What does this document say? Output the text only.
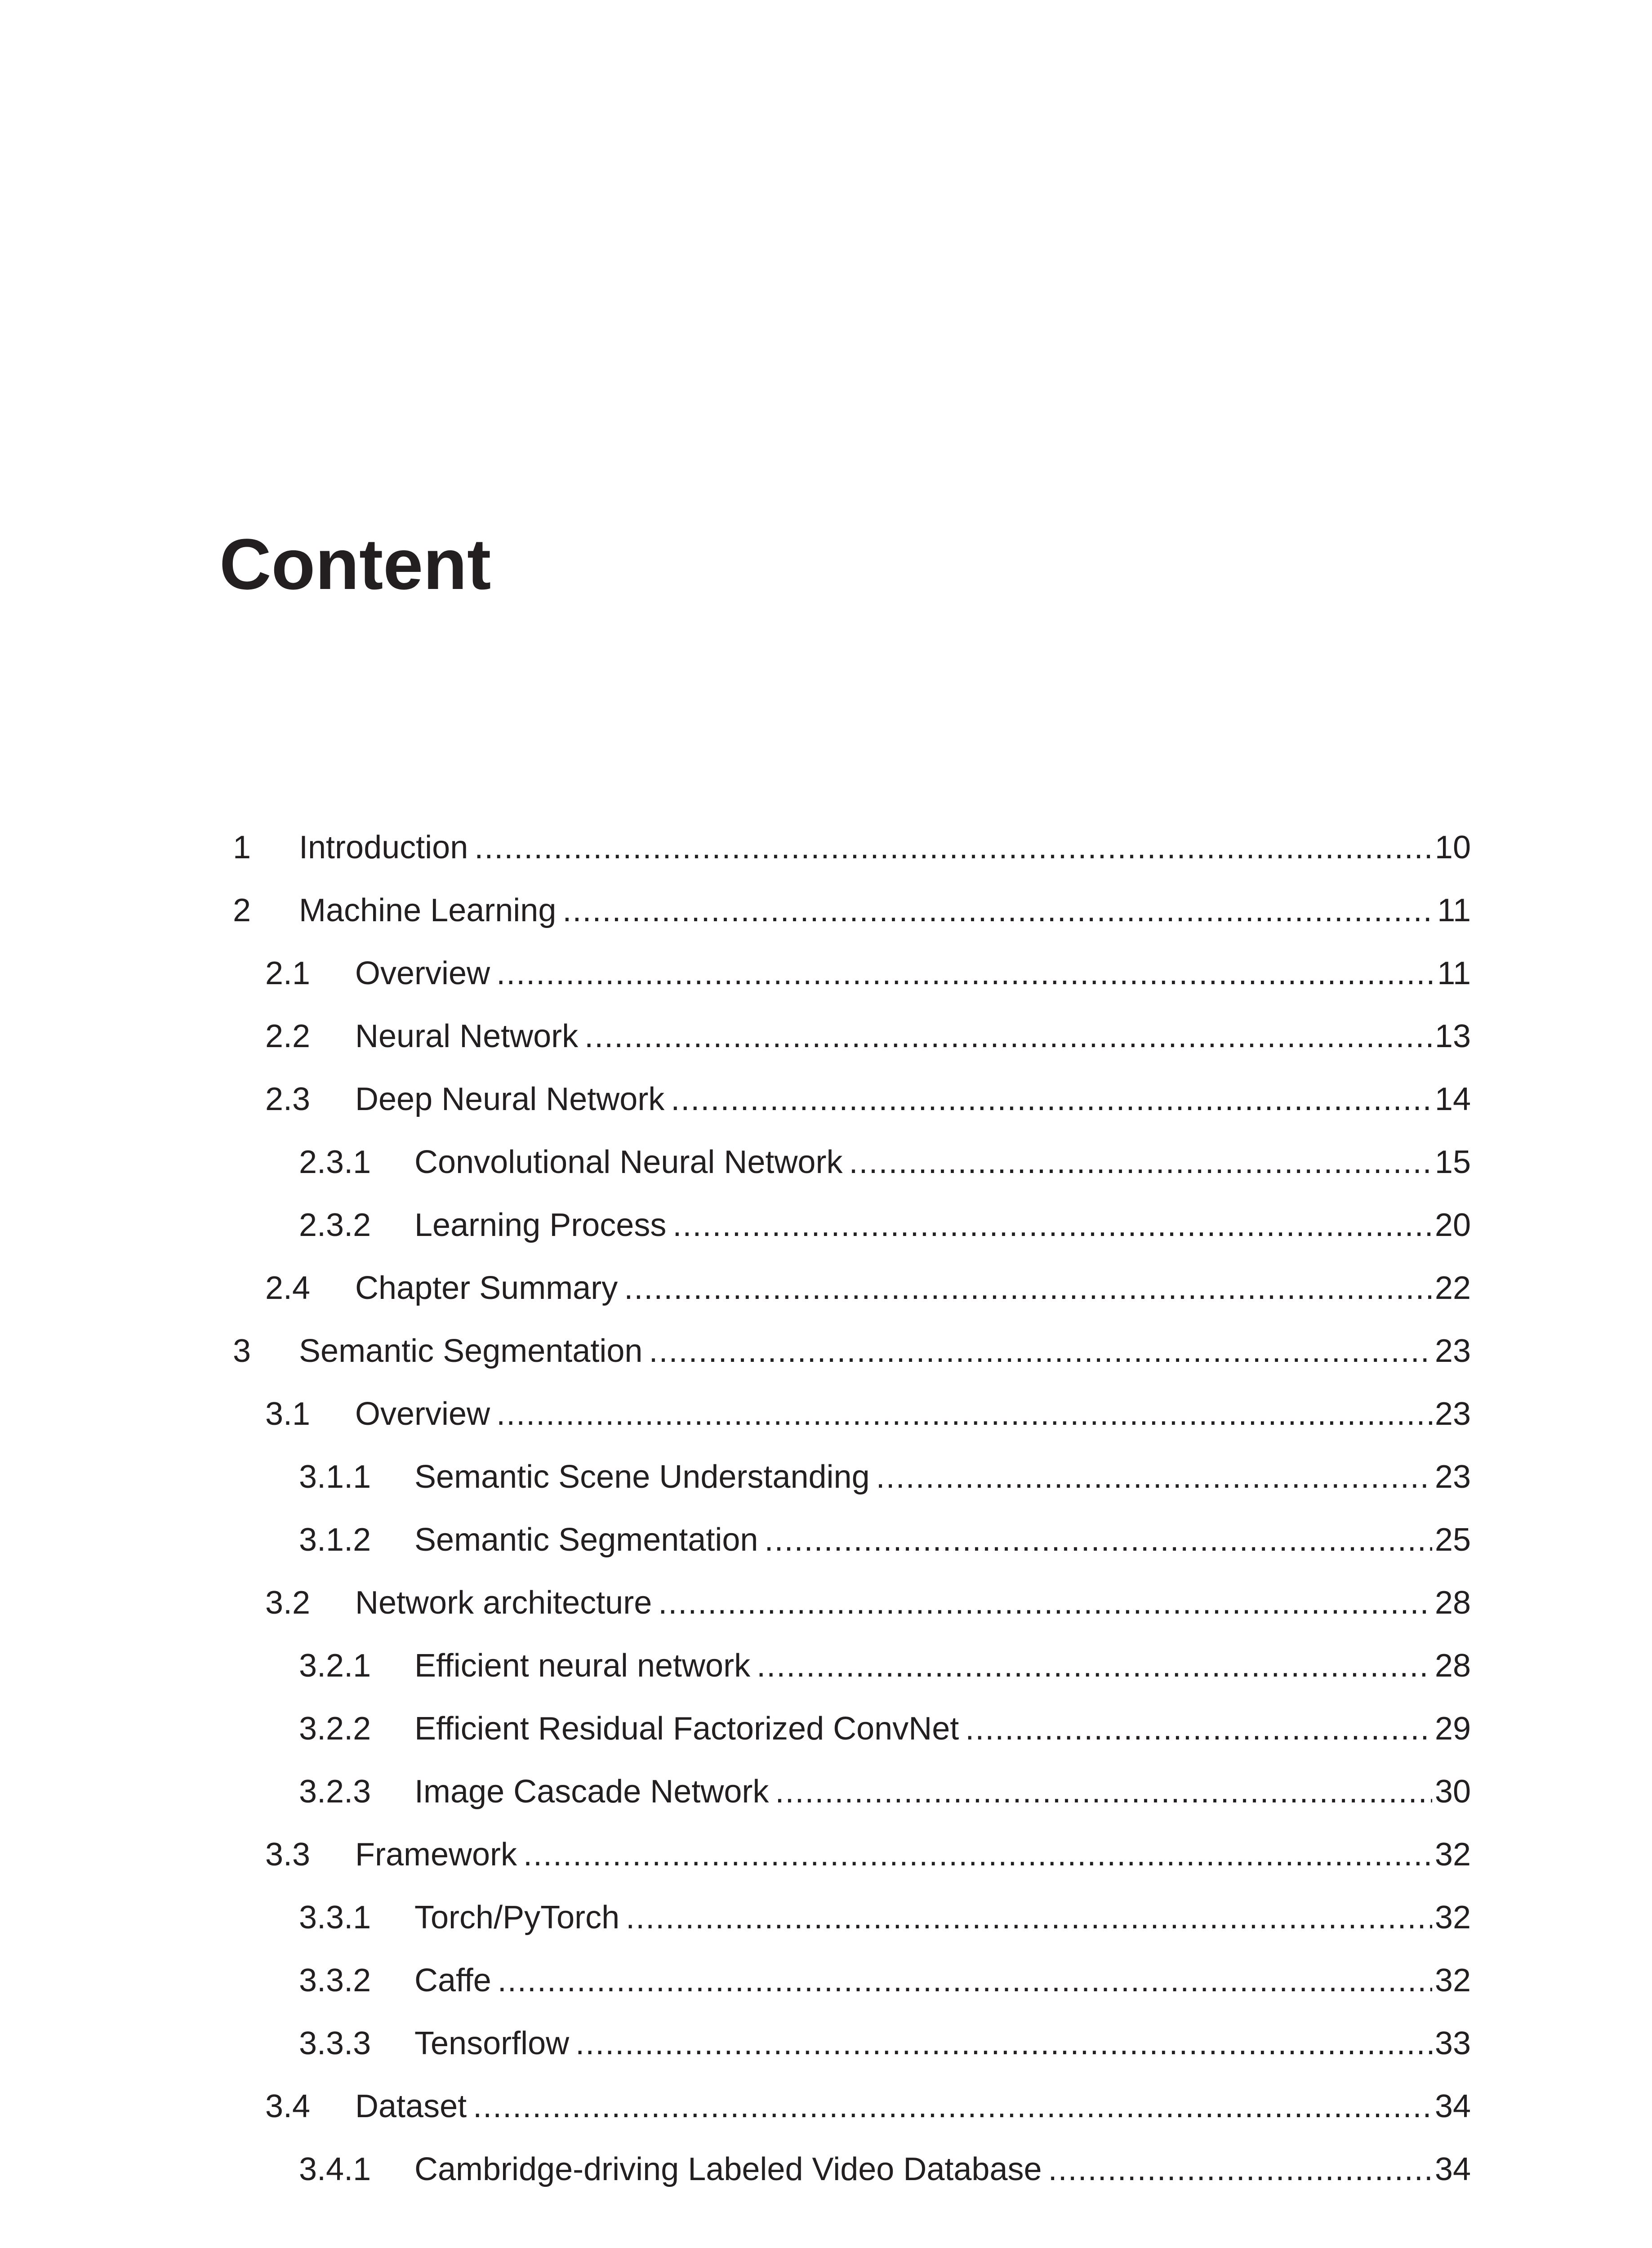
Content
1 Introduction .....	10
2 Machine Learning .....	11
2.1 Overview .....	11
2.2 Neural Network .....	13
2.3 Deep Neural Network .....	14
2.3.1 Convolutional Neural Network .....	15
2.3.2 Learning Process .....	20
2.4 Chapter Summary .....	22
3 Semantic Segmentation .....	23
3.1 Overview .....	23
3.1.1 Semantic Scene Understanding .....	23
3.1.2 Semantic Segmentation .....	25
3.2 Network architecture .....	28
3.2.1 Efficient neural network .....	28
3.2.2 Efficient Residual Factorized ConvNet .....	29
3.2.3 Image Cascade Network .....	30
3.3 Framework .....	32
3.3.1 Torch/PyTorch .....	32
3.3.2 Caffe .....	32
3.3.3 Tensorflow .....	33
3.4 Dataset .....	34
3.4.1 Cambridge-driving Labeled Video Database .....	34
